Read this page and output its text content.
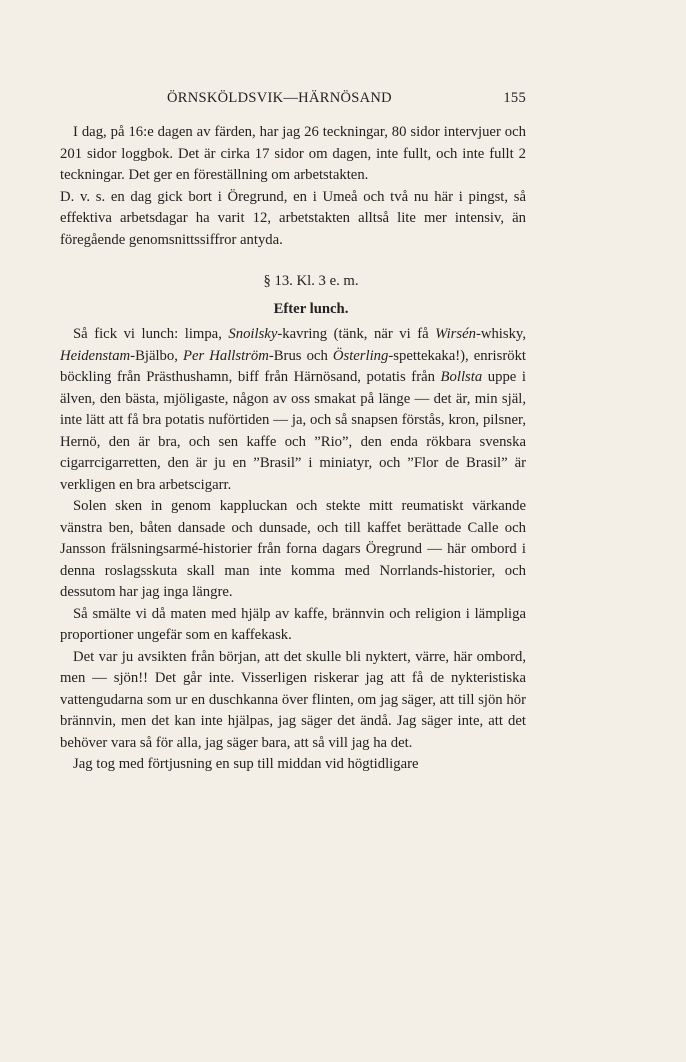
ÖRNSKÖLDSVIK—HÄRNÖSAND	155

I dag, på 16:e dagen av färden, har jag 26 teckningar, 80 sidor intervjuer och 201 sidor loggbok. Det är cirka 17 sidor om dagen, inte fullt, och inte fullt 2 teckningar. Det ger en föreställning om arbetstakten.

D. v. s. en dag gick bort i Öregrund, en i Umeå och två nu här i pingst, så effektiva arbetsdagar ha varit 12, arbetstakten alltså lite mer intensiv, än föregående genomsnittssiffror antyda.

§ 13. Kl. 3 e. m.

Efter lunch.

Så fick vi lunch: limpa, Snoilsky-kavring (tänk, när vi få Wirsén-whisky, Heidenstam-Bjälbo, Per Hallström-Brus och Österling-spettekaka!), enrisrökt böckling från Prästhushamn, biff från Härnösand, potatis från Bollsta uppe i älven, den bästa, mjöligaste, någon av oss smakat på länge — det är, min själ, inte lätt att få bra potatis nuförtiden — ja, och så snapsen förstås, kron, pilsner, Hernö, den är bra, och sen kaffe och ”Rio”, den enda rökbara svenska cigarrcigarretten, den är ju en ”Brasil” i miniatyr, och ”Flor de Brasil” är verkligen en bra arbetscigarr.

Solen sken in genom kappluckan och stekte mitt reumatiskt värkande vänstra ben, båten dansade och dunsade, och till kaffet berättade Calle och Jansson frälsningsarmé-historier från forna dagars Öregrund — här ombord i denna roslagsskuta skall man inte komma med Norrlands-historier, och dessutom har jag inga längre.

Så smälte vi då maten med hjälp av kaffe, brännvin och religion i lämpliga proportioner ungefär som en kaffekask.

Det var ju avsikten från början, att det skulle bli nyktert, värre, här ombord, men — sjön!! Det går inte. Visserligen riskerar jag att få de nykteristiska vattengudarna som ur en duschkanna över flinten, om jag säger, att till sjön hör brännvin, men det kan inte hjälpas, jag säger det ändå. Jag säger inte, att det behöver vara så för alla, jag säger bara, att så vill jag ha det.

Jag tog med förtjusning en sup till middan vid högtidligare
